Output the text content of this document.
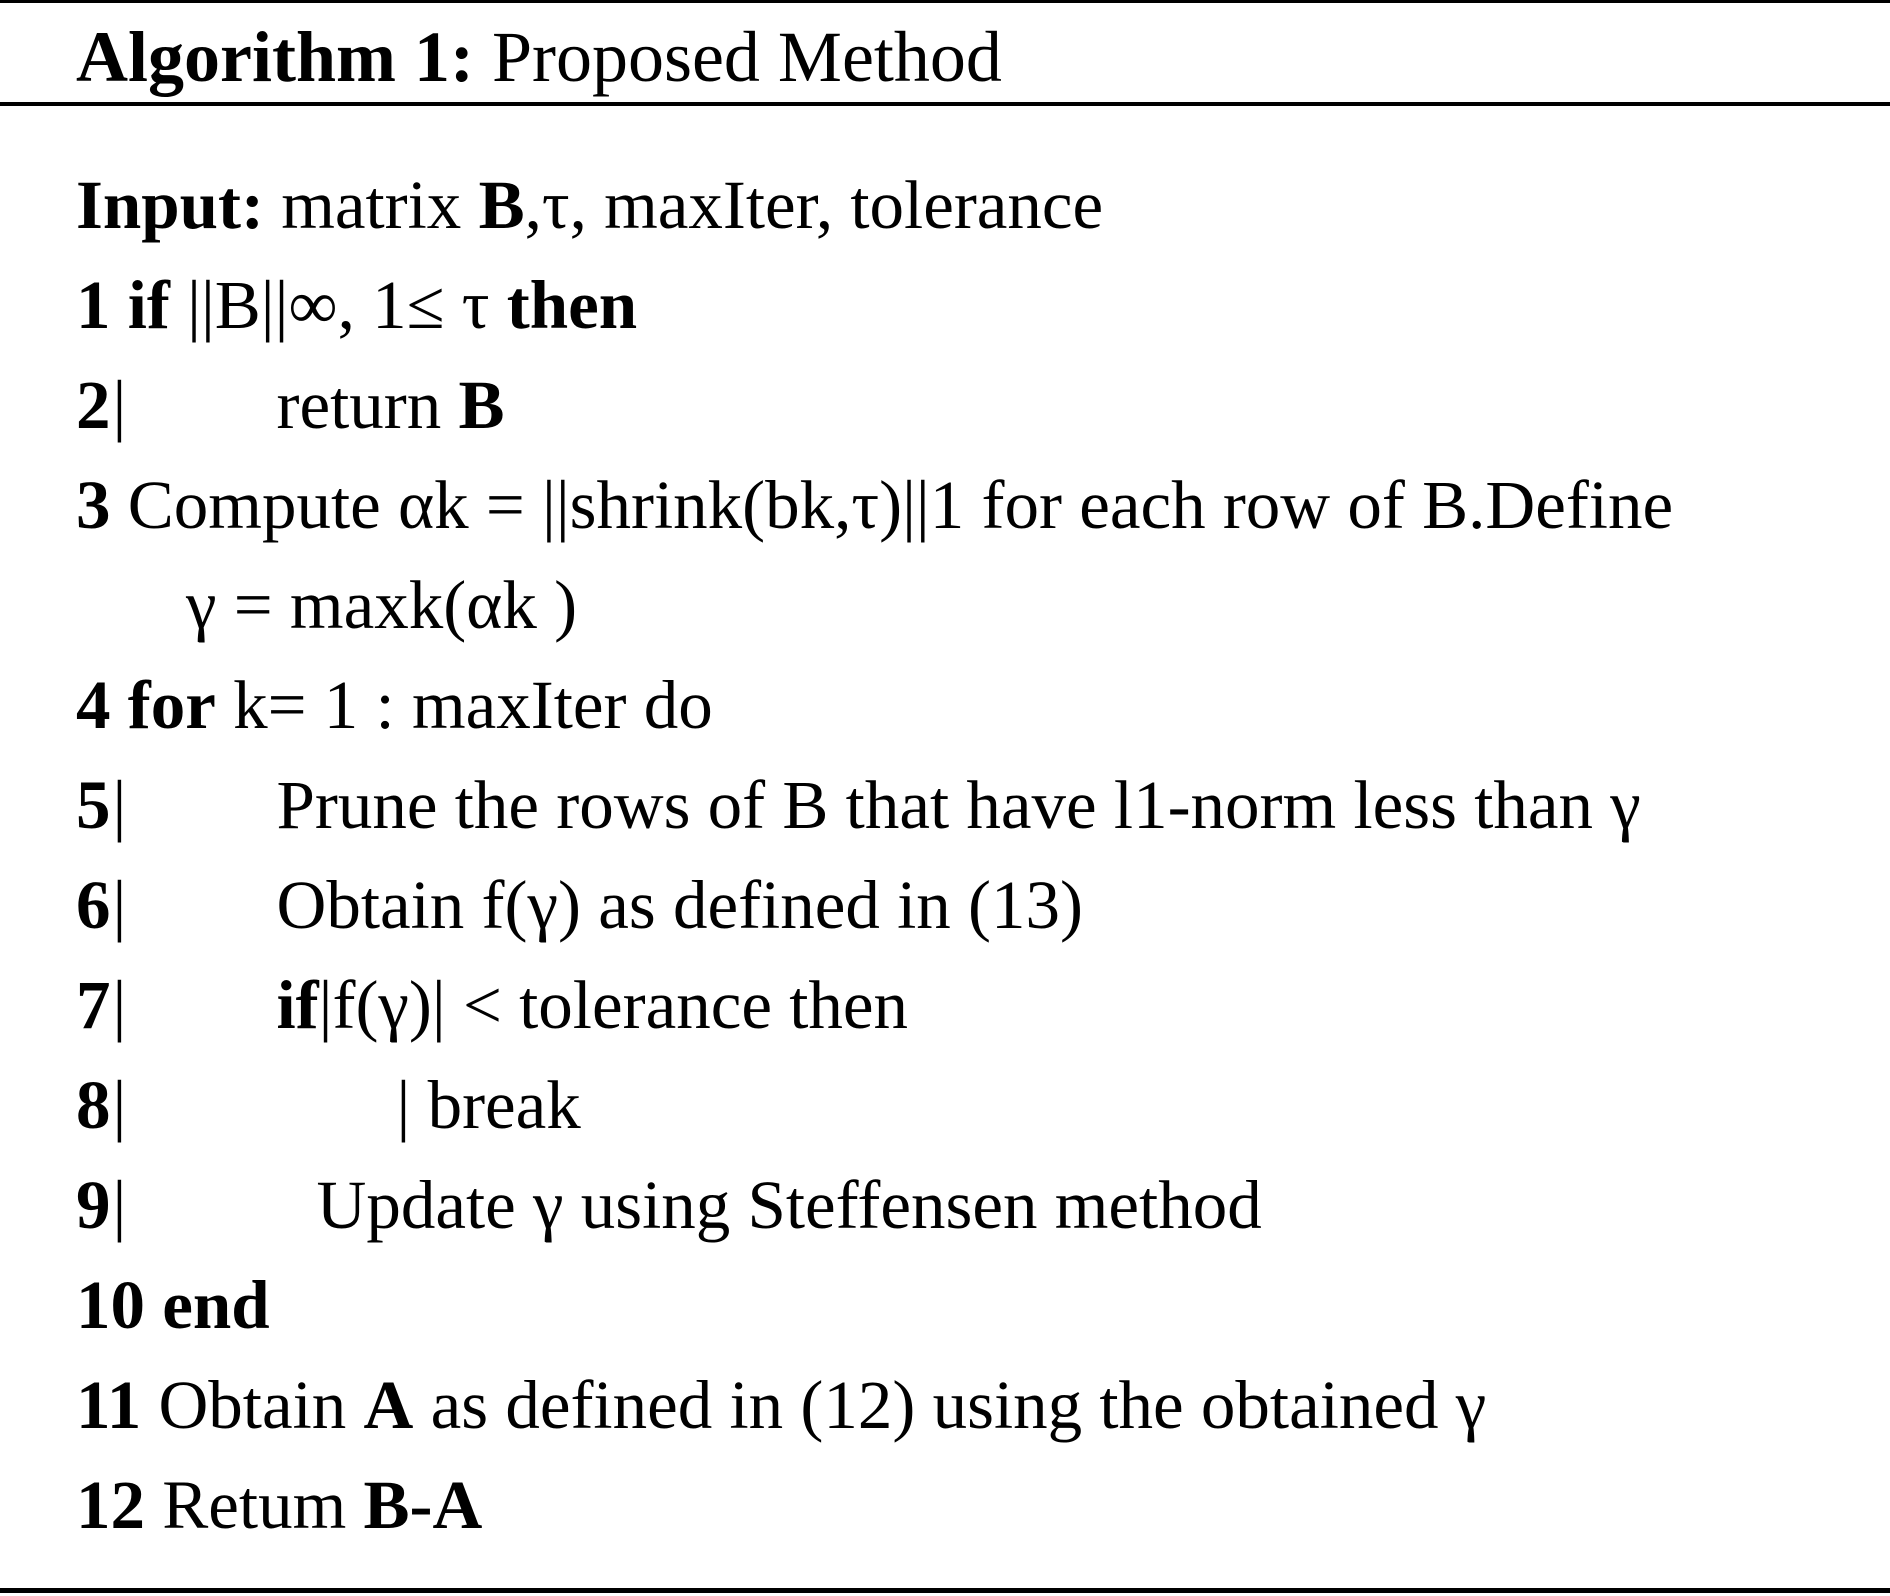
Algorithm 1: Proposed Method
Input: matrix B,τ, maxIter, tolerance
1 if ||B||∞, 1≤ τ then
2| return B
3 Compute αk = ||shrink(bk,τ)||1 for each row of B.Define
γ = maxk(αk )
4 for k= 1 : maxIter do
5| Prune the rows of B that have l1-norm less than γ
6| Obtain f(γ) as defined in (13)
7| if|f(γ)| < tolerance then
8|	| break
9|	Update γ using Steffensen method
10 end
11 Obtain A as defined in (12) using the obtained γ
12 Retum B-A
